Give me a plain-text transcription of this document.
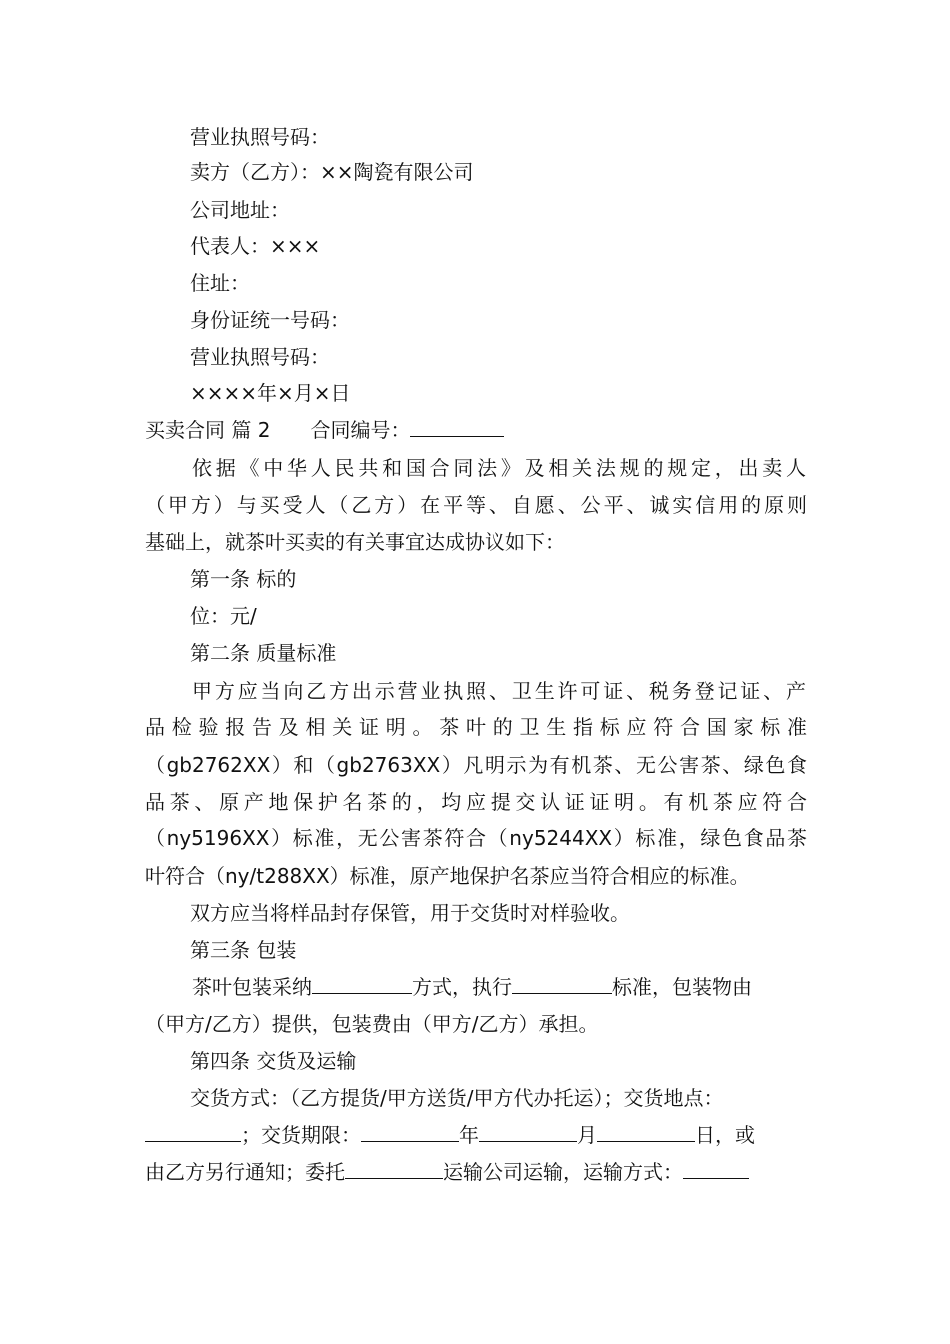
营业执照号码：
卖方（乙方）：××陶瓷有限公司
公司地址：
代表人：×××
住址：
身份证统一号码：
营业执照号码：
××××年×月×日
买卖合同 篇 2 合同编号：
依据《中华人民共和国合同法》及相关法规的规定，出卖人
（甲方）与买受人（乙方）在平等、自愿、公平、诚实信用的原则
基础上，就茶叶买卖的有关事宜达成协议如下：
第一条 标的
位：元/
第二条 质量标准
甲方应当向乙方出示营业执照、卫生许可证、税务登记证、产
品检验报告及相关证明。茶叶的卫生指标应符合国家标准
（gb2762XX）和（gb2763XX）凡明示为有机茶、无公害茶、绿色食
品茶、原产地保护名茶的，均应提交认证证明。有机茶应符合
（ny5196XX）标准，无公害茶符合（ny5244XX）标准，绿色食品茶
叶符合（ny/t288XX）标准，原产地保护名茶应当符合相应的标准。
双方应当将样品封存保管，用于交货时对样验收。
第三条 包装
茶叶包装采纳	方式，执行	标准，包装物由
（甲方/乙方）提供，包装费由（甲方/乙方）承担。
第四条 交货及运输
交货方式：（乙方提货/甲方送货/甲方代办托运）；交货地点：
；交货期限：	年	月	日，或
由乙方另行通知；委托	运输公司运输，运输方式：
